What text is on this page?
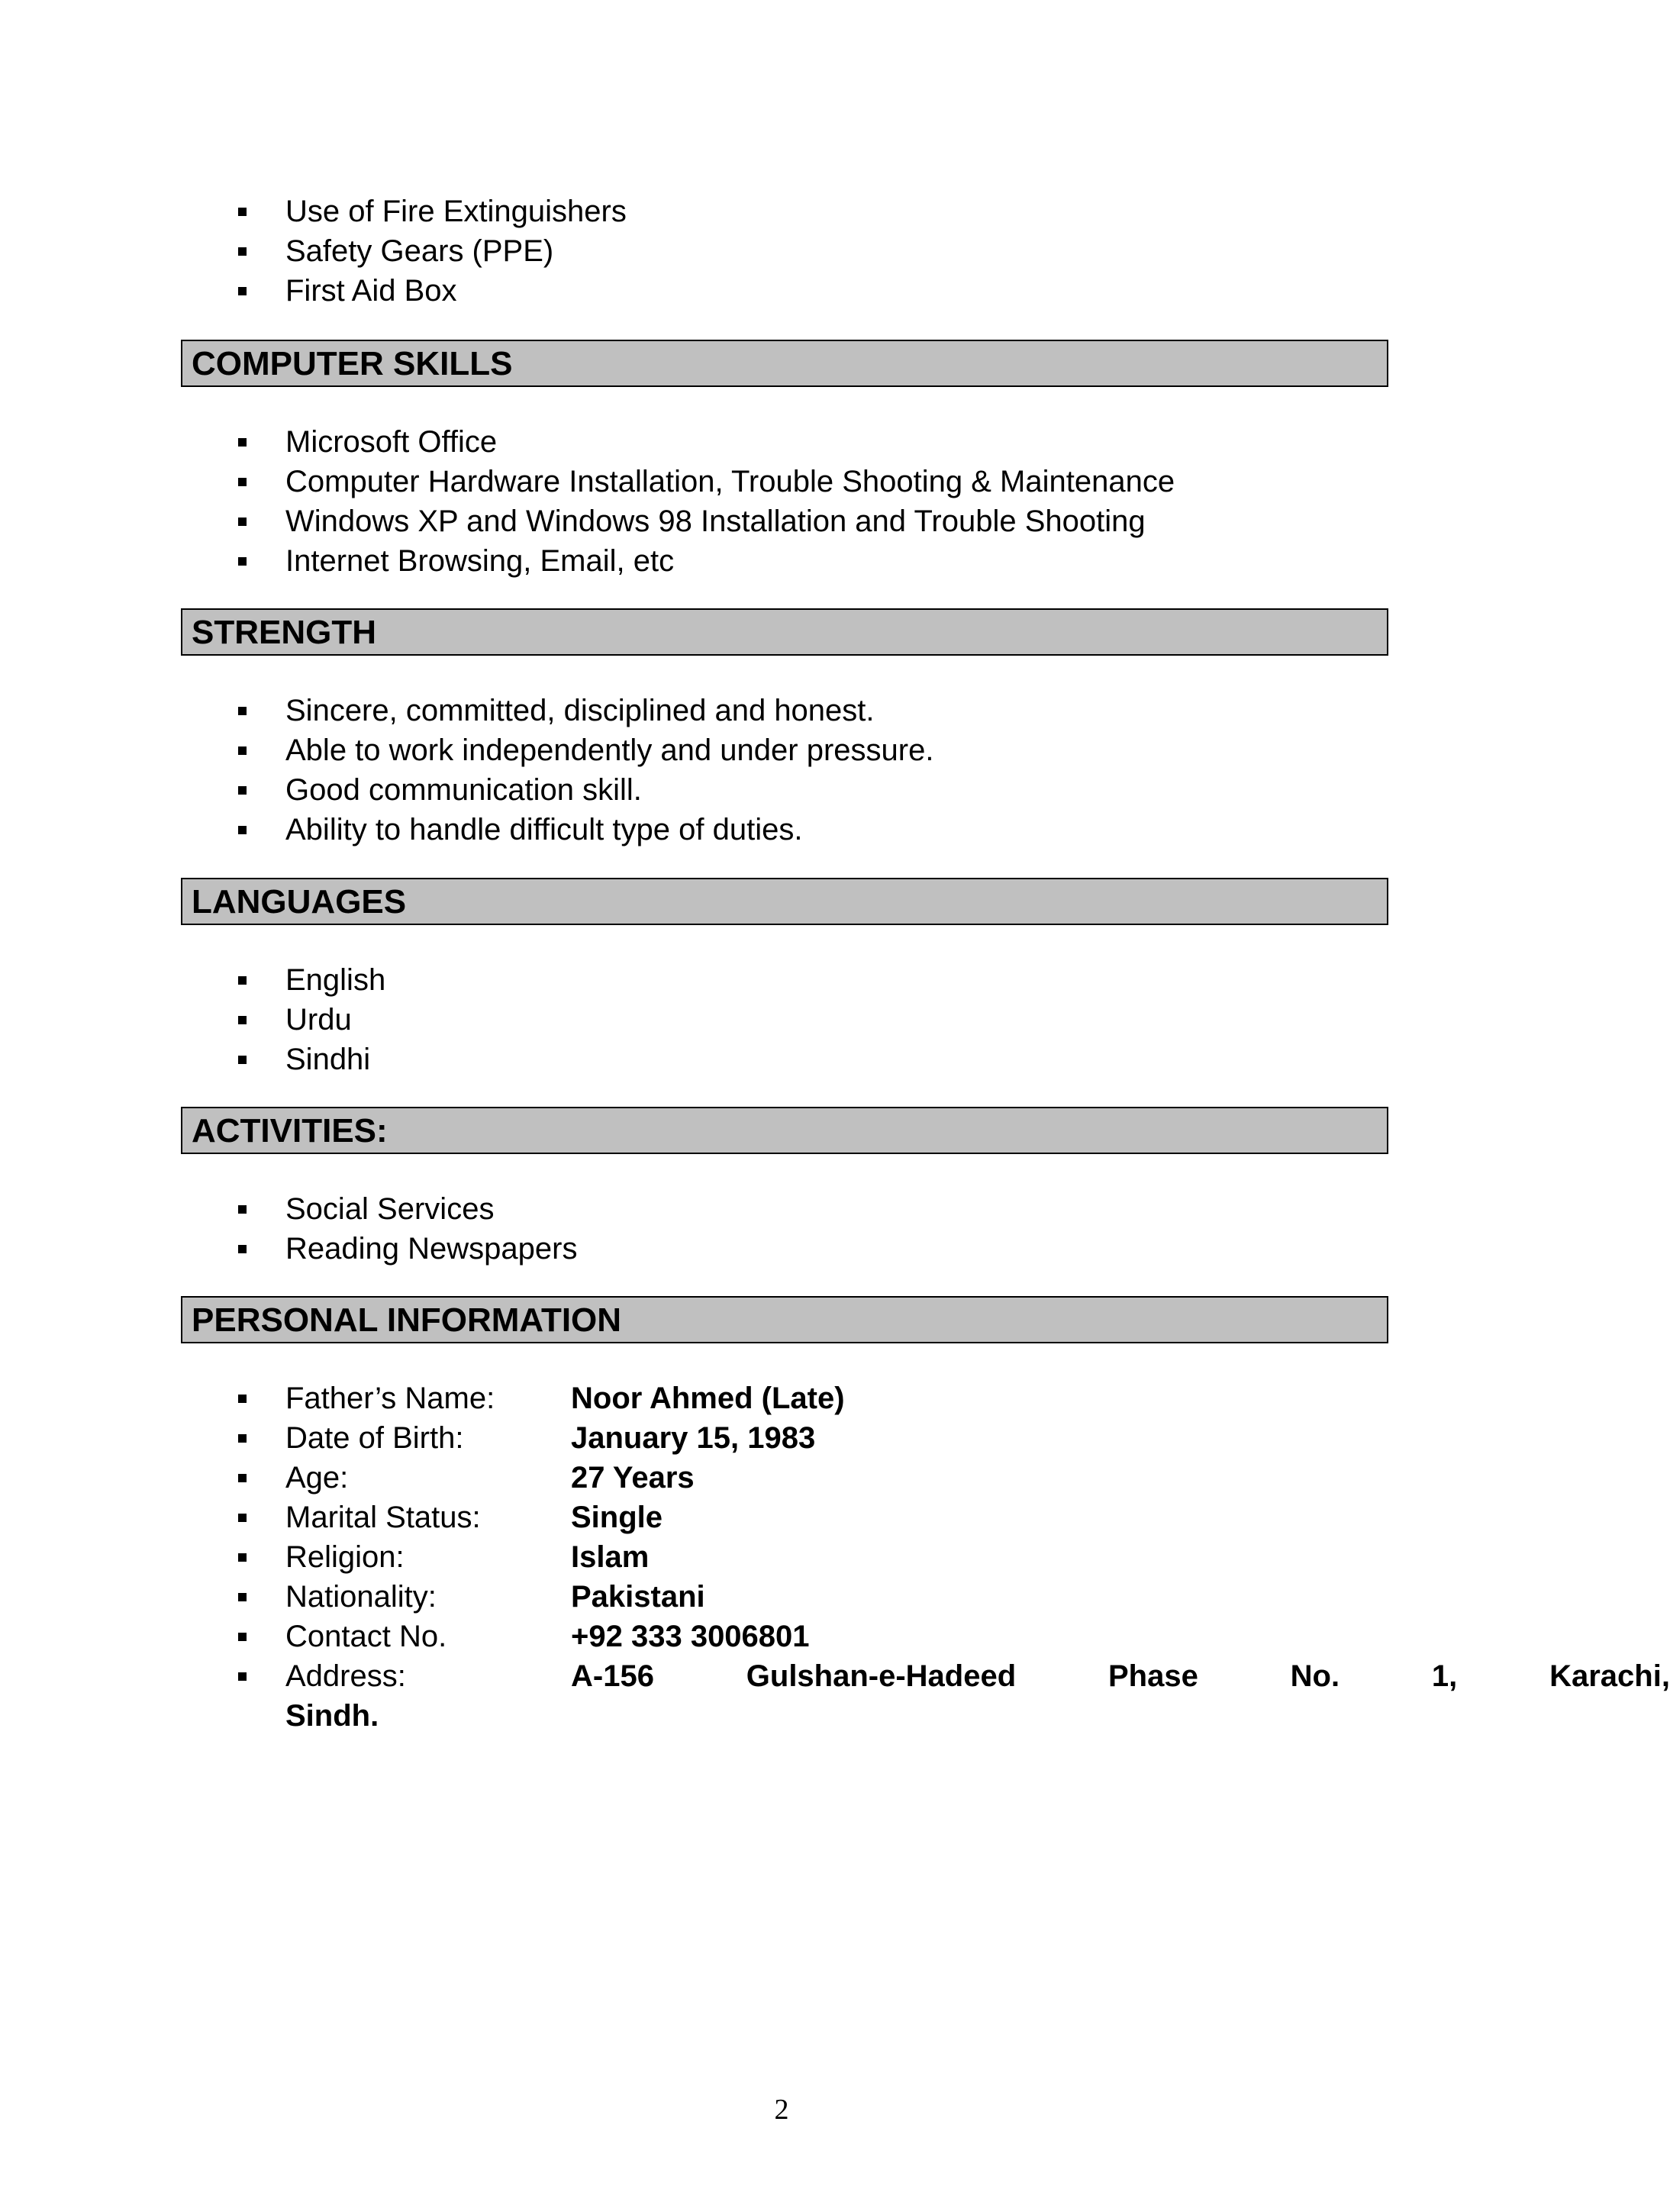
Use of Fire Extinguishers
Safety Gears (PPE)
First Aid Box
COMPUTER SKILLS
Microsoft Office
Computer Hardware Installation, Trouble Shooting & Maintenance
Windows XP and Windows 98 Installation and Trouble Shooting
Internet Browsing, Email, etc
STRENGTH
Sincere, committed, disciplined and honest.
Able to work independently and under pressure.
Good communication skill.
Ability to handle difficult type of duties.
LANGUAGES
English
Urdu
Sindhi
ACTIVITIES:
Social Services
Reading Newspapers
PERSONAL INFORMATION
Father’s Name: Noor Ahmed (Late)
Date of Birth:	January 15, 1983
Age:	27 Years
Marital Status:	Single
Religion:	Islam
Nationality:	Pakistani
Contact No.	+92 333 3006801
Address:	A-156	Gulshan-e-Hadeed	Phase	No.	1,	Karachi,
Sindh.
2
